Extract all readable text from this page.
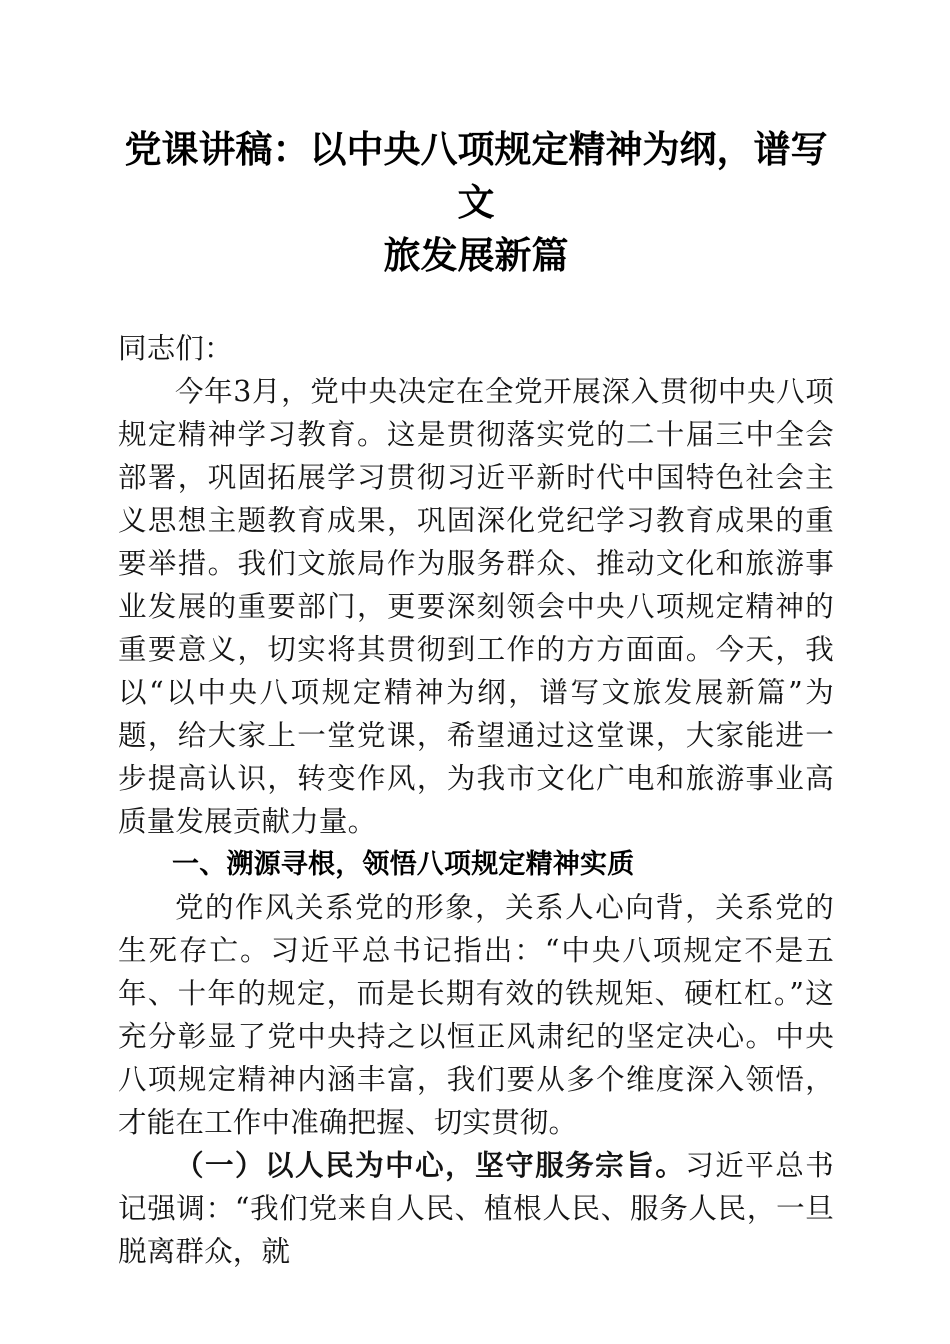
党课讲稿：以中央八项规定精神为纲，谱写文
旅发展新篇

同志们：

今年3月，党中央决定在全党开展深入贯彻中央八项规定精神学习教育。这是贯彻落实党的二十届三中全会部署，巩固拓展学习贯彻习近平新时代中国特色社会主义思想主题教育成果，巩固深化党纪学习教育成果的重要举措。我们文旅局作为服务群众、推动文化和旅游事业发展的重要部门，更要深刻领会中央八项规定精神的重要意义，切实将其贯彻到工作的方方面面。今天，我以“以中央八项规定精神为纲，谱写文旅发展新篇”为题，给大家上一堂党课，希望通过这堂课，大家能进一步提高认识，转变作风，为我市文化广电和旅游事业高质量发展贡献力量。

一、溯源寻根，领悟八项规定精神实质

党的作风关系党的形象，关系人心向背，关系党的生死存亡。习近平总书记指出：“中央八项规定不是五年、十年的规定，而是长期有效的铁规矩、硬杠杠。”这充分彰显了党中央持之以恒正风肃纪的坚定决心。中央八项规定精神内涵丰富，我们要从多个维度深入领悟，才能在工作中准确把握、切实贯彻。

（一）以人民为中心，坚守服务宗旨。习近平总书记强调：“我们党来自人民、植根人民、服务人民，一旦脱离群众，就
